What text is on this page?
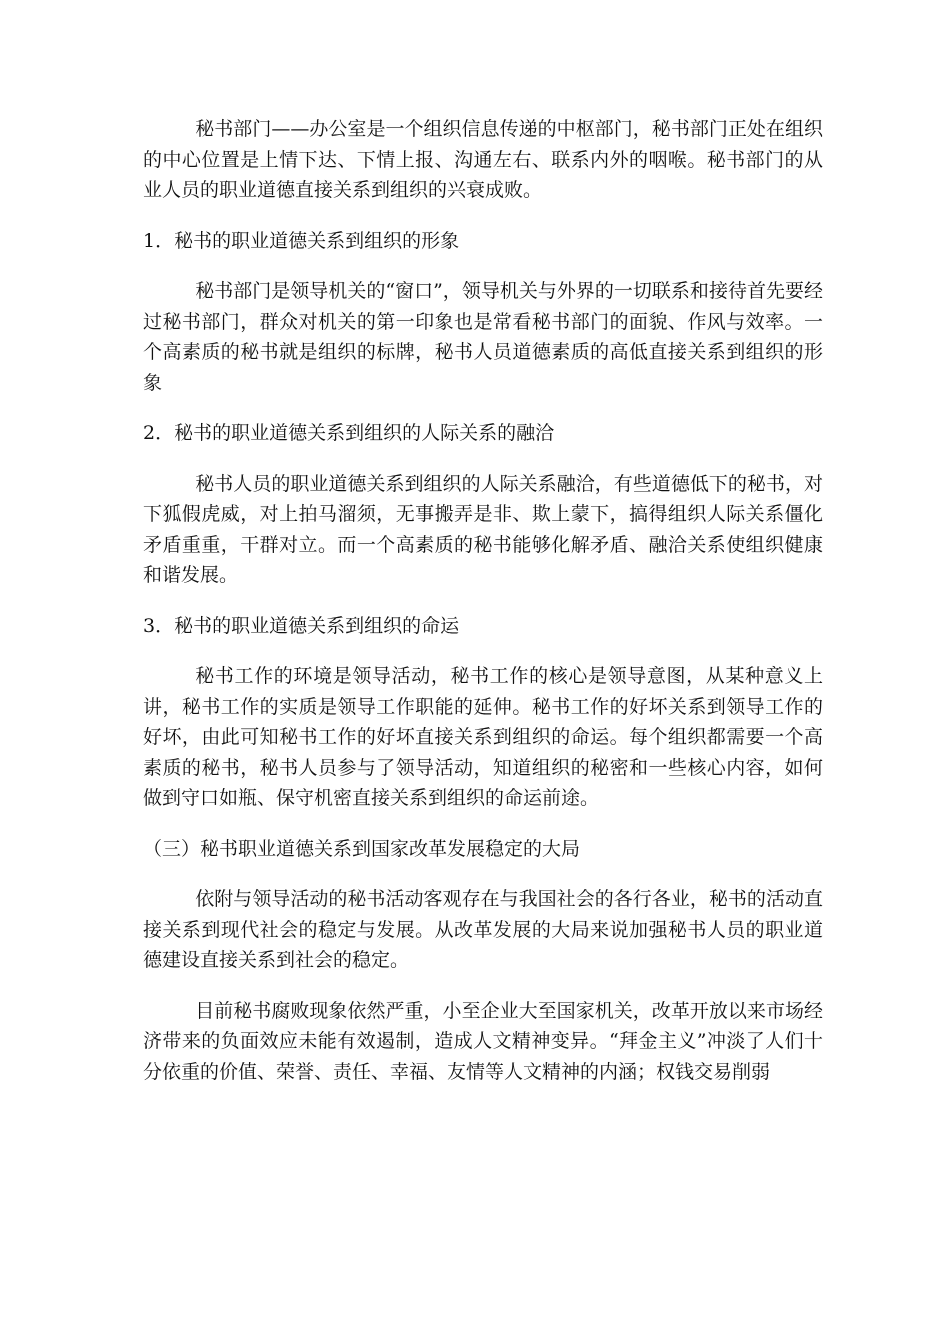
秘书部门——办公室是一个组织信息传递的中枢部门，秘书部门正处在组织的中心位置是上情下达、下情上报、沟通左右、联系内外的咽喉。秘书部门的从业人员的职业道德直接关系到组织的兴衰成败。

1．秘书的职业道德关系到组织的形象

秘书部门是领导机关的“窗口”，领导机关与外界的一切联系和接待首先要经过秘书部门，群众对机关的第一印象也是常看秘书部门的面貌、作风与效率。一个高素质的秘书就是组织的标牌，秘书人员道德素质的高低直接关系到组织的形象

2．秘书的职业道德关系到组织的人际关系的融洽

秘书人员的职业道德关系到组织的人际关系融洽，有些道德低下的秘书，对下狐假虎威，对上拍马溜须，无事搬弄是非、欺上蒙下，搞得组织人际关系僵化矛盾重重，干群对立。而一个高素质的秘书能够化解矛盾、融洽关系使组织健康和谐发展。

3．秘书的职业道德关系到组织的命运

秘书工作的环境是领导活动，秘书工作的核心是领导意图，从某种意义上讲，秘书工作的实质是领导工作职能的延伸。秘书工作的好坏关系到领导工作的好坏，由此可知秘书工作的好坏直接关系到组织的命运。每个组织都需要一个高素质的秘书，秘书人员参与了领导活动，知道组织的秘密和一些核心内容，如何做到守口如瓶、保守机密直接关系到组织的命运前途。

（三）秘书职业道德关系到国家改革发展稳定的大局

依附与领导活动的秘书活动客观存在与我国社会的各行各业，秘书的活动直接关系到现代社会的稳定与发展。从改革发展的大局来说加强秘书人员的职业道德建设直接关系到社会的稳定。

目前秘书腐败现象依然严重，小至企业大至国家机关，改革开放以来市场经济带来的负面效应未能有效遏制，造成人文精神变异。“拜金主义”冲淡了人们十分依重的价值、荣誉、责任、幸福、友情等人文精神的内涵；权钱交易削弱
